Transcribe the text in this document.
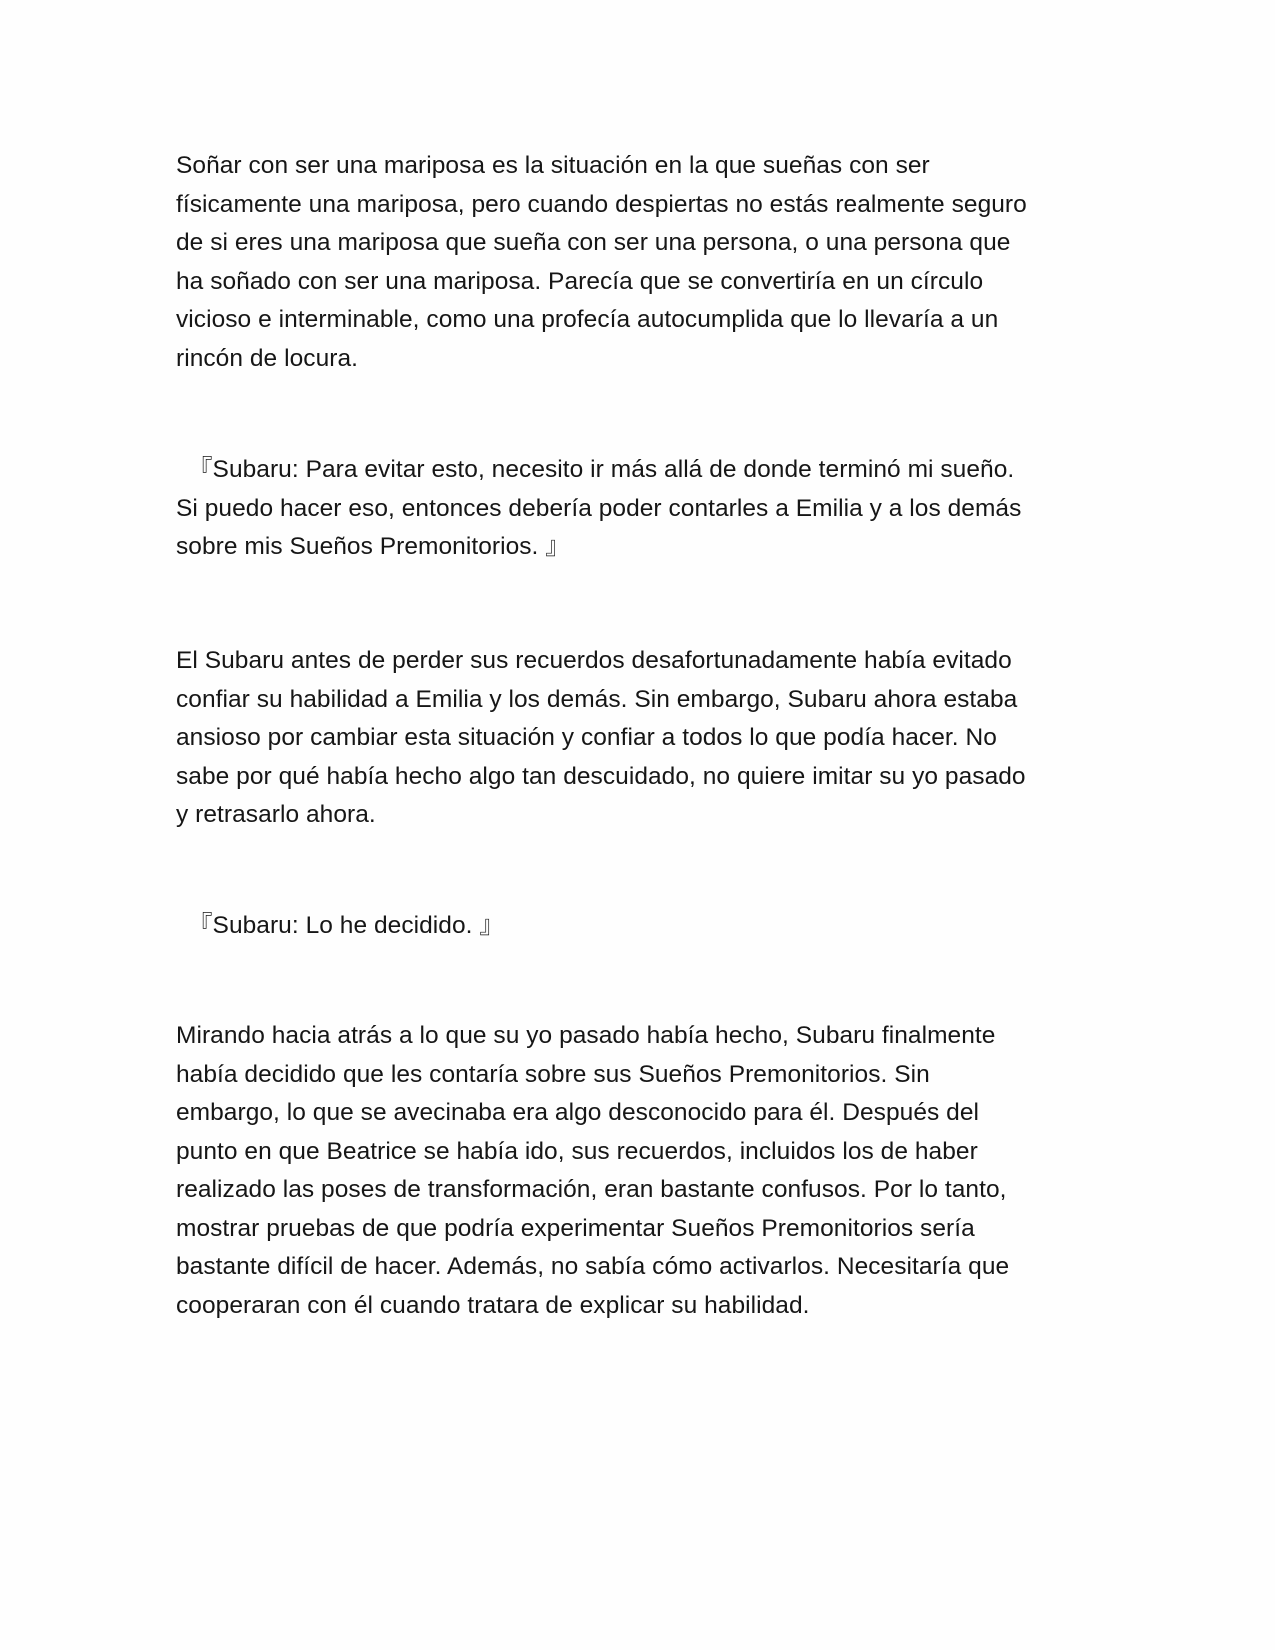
Soñar con ser una mariposa es la situación en la que sueñas con ser
físicamente una mariposa, pero cuando despiertas no estás realmente seguro
de si eres una mariposa que sueña con ser una persona, o una persona que
ha soñado con ser una mariposa. Parecía que se convertiría en un círculo
vicioso e interminable, como una profecía autocumplida que lo llevaría a un
rincón de locura.
『Subaru: Para evitar esto, necesito ir más allá de donde terminó mi sueño.
Si puedo hacer eso, entonces debería poder contarles a Emilia y a los demás
sobre mis Sueños Premonitorios. 』
El Subaru antes de perder sus recuerdos desafortunadamente había evitado
confiar su habilidad a Emilia y los demás. Sin embargo, Subaru ahora estaba
ansioso por cambiar esta situación y confiar a todos lo que podía hacer. No
sabe por qué había hecho algo tan descuidado, no quiere imitar su yo pasado
y retrasarlo ahora.
『Subaru: Lo he decidido. 』
Mirando hacia atrás a lo que su yo pasado había hecho, Subaru finalmente
había decidido que les contaría sobre sus Sueños Premonitorios. Sin
embargo, lo que se avecinaba era algo desconocido para él. Después del
punto en que Beatrice se había ido, sus recuerdos, incluidos los de haber
realizado las poses de transformación, eran bastante confusos. Por lo tanto,
mostrar pruebas de que podría experimentar Sueños Premonitorios sería
bastante difícil de hacer. Además, no sabía cómo activarlos. Necesitaría que
cooperaran con él cuando tratara de explicar su habilidad.
